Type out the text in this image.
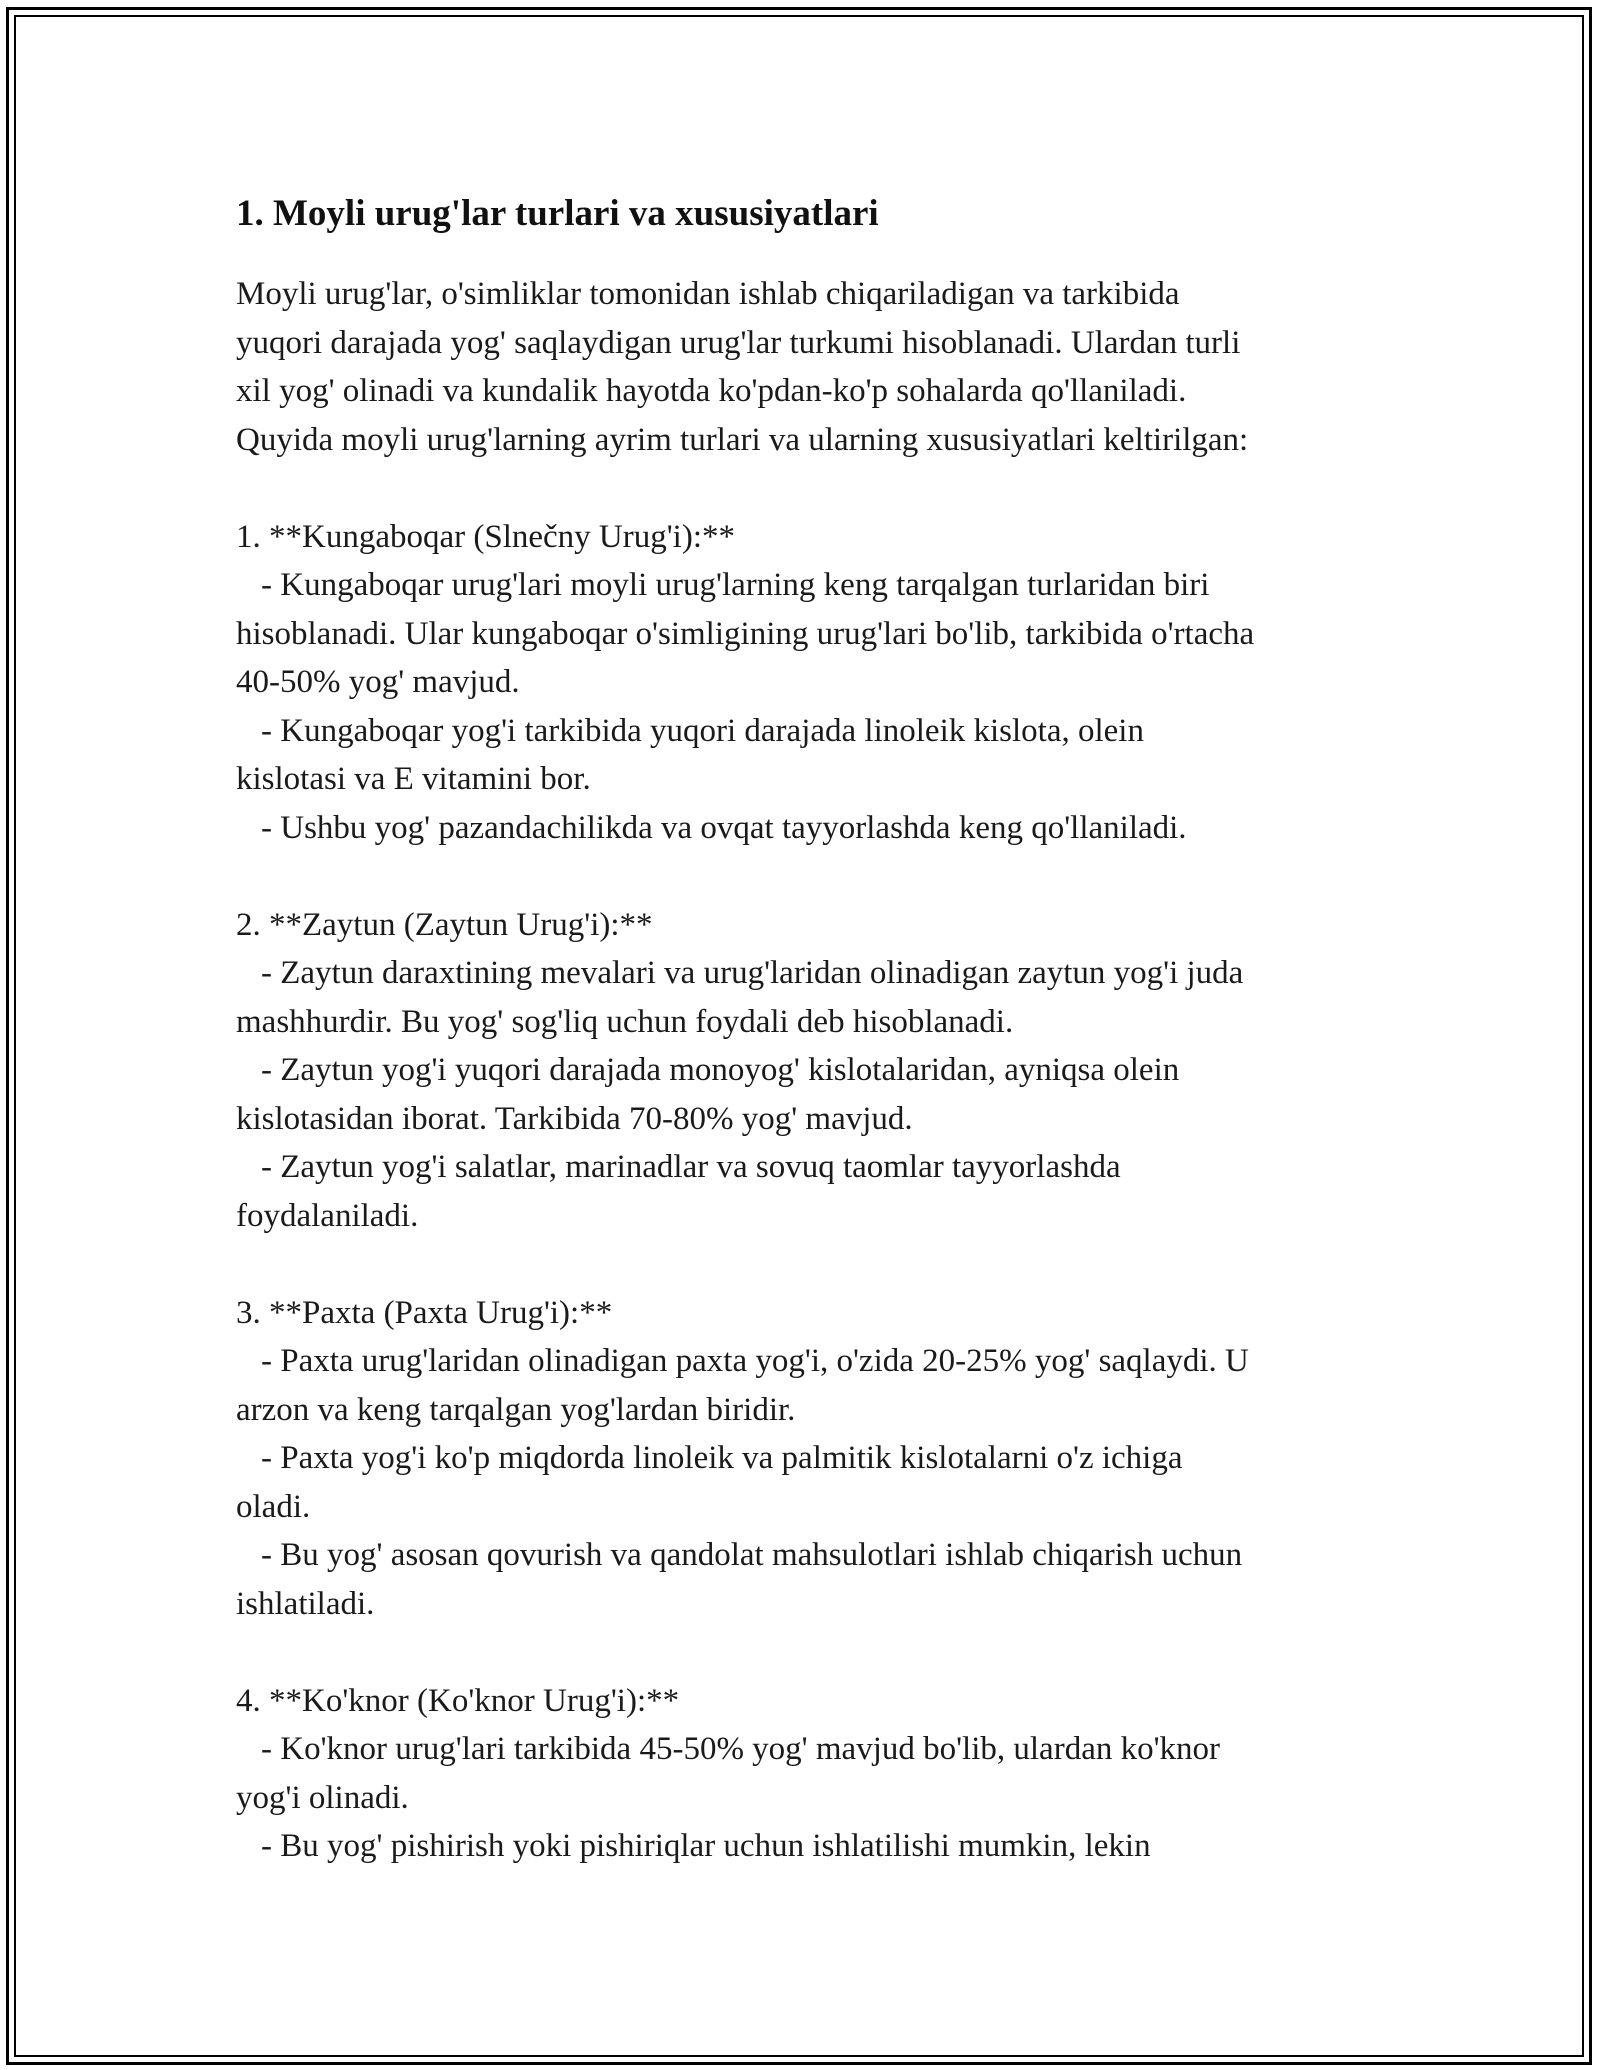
1. Moyli urug'lar turlari va xususiyatlari

Moyli urug'lar, o'simliklar tomonidan ishlab chiqariladigan va tarkibida
yuqori darajada yog' saqlaydigan urug'lar turkumi hisoblanadi. Ulardan turli
xil yog' olinadi va kundalik hayotda ko'pdan-ko'p sohalarda qo'llaniladi.
Quyida moyli urug'larning ayrim turlari va ularning xususiyatlari keltirilgan:

1. **Kungaboqar (Slnečny Urug'i):**

- Kungaboqar urug'lari moyli urug'larning keng tarqalgan turlaridan biri
hisoblanadi. Ular kungaboqar o'simligining urug'lari bo'lib, tarkibida o'rtacha
40-50% yog' mavjud.

- Kungaboqar yog'i tarkibida yuqori darajada linoleik kislota, olein
kislotasi va E vitamini bor.

- Ushbu yog' pazandachilikda va ovqat tayyorlashda keng qo'llaniladi.

2. **Zaytun (Zaytun Urug'i):**

- Zaytun daraxtining mevalari va urug'laridan olinadigan zaytun yog'i juda
mashhurdir. Bu yog' sog'liq uchun foydali deb hisoblanadi.

- Zaytun yog'i yuqori darajada monoyog' kislotalaridan, ayniqsa olein
kislotasidan iborat. Tarkibida 70-80% yog' mavjud.

- Zaytun yog'i salatlar, marinadlar va sovuq taomlar tayyorlashda
foydalaniladi.

3. **Paxta (Paxta Urug'i):**

- Paxta urug'laridan olinadigan paxta yog'i, o'zida 20-25% yog' saqlaydi. U
arzon va keng tarqalgan yog'lardan biridir.

- Paxta yog'i ko'p miqdorda linoleik va palmitik kislotalarni o'z ichiga
oladi.

- Bu yog' asosan qovurish va qandolat mahsulotlari ishlab chiqarish uchun
ishlatiladi.

4. **Ko'knor (Ko'knor Urug'i):**

- Ko'knor urug'lari tarkibida 45-50% yog' mavjud bo'lib, ulardan ko'knor
yog'i olinadi.

- Bu yog' pishirish yoki pishiriqlar uchun ishlatilishi mumkin, lekin
